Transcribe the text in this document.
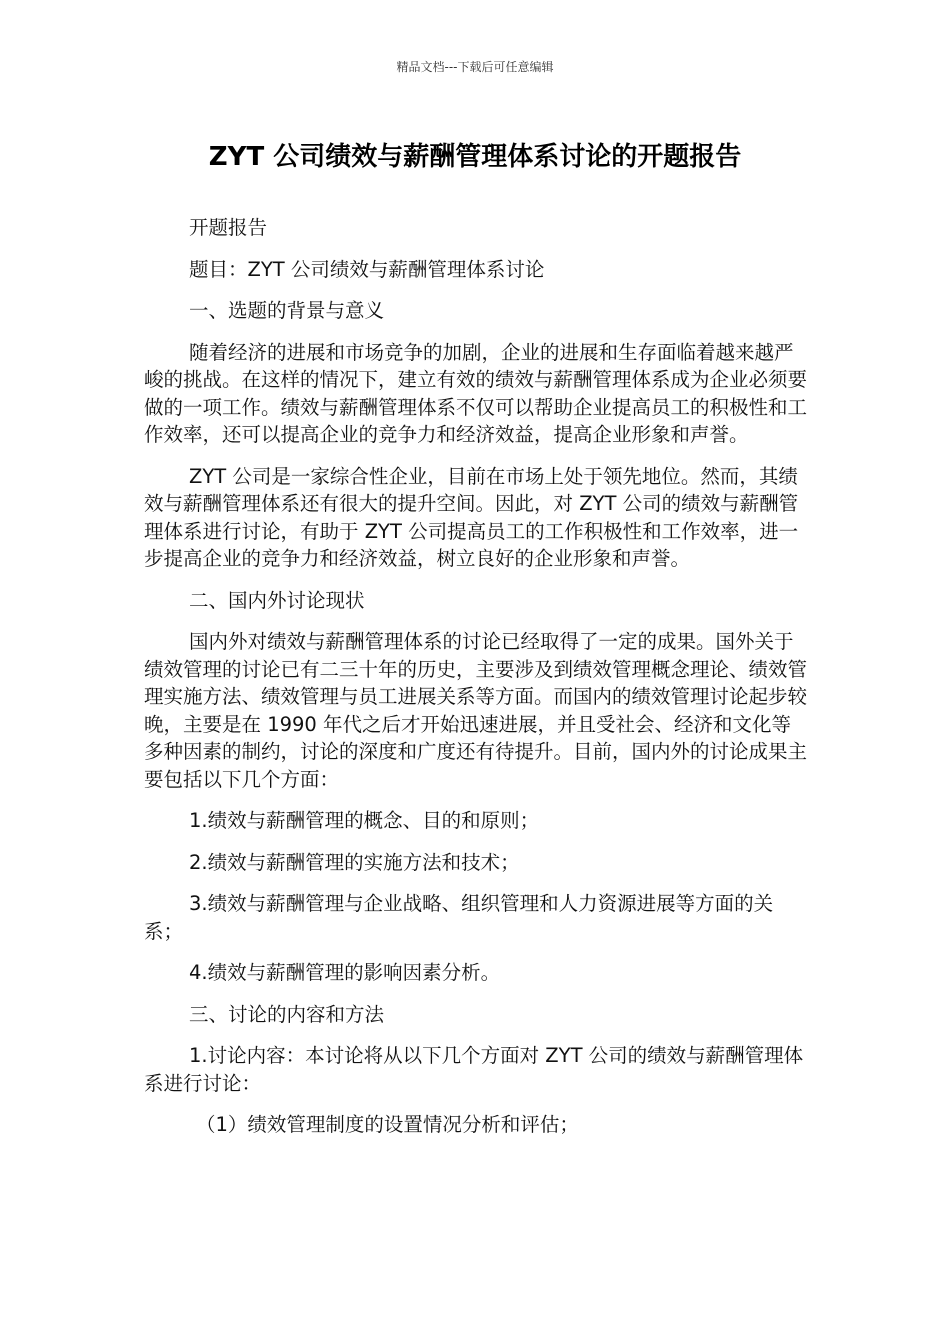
精品文档---下载后可任意编辑
ZYT 公司绩效与薪酬管理体系讨论的开题报告

开题报告

题目：ZYT 公司绩效与薪酬管理体系讨论

一、选题的背景与意义

随着经济的进展和市场竞争的加剧，企业的进展和生存面临着越来越严峻的挑战。在这样的情况下，建立有效的绩效与薪酬管理体系成为企业必须要做的一项工作。绩效与薪酬管理体系不仅可以帮助企业提高员工的积极性和工作效率，还可以提高企业的竞争力和经济效益，提高企业形象和声誉。

ZYT 公司是一家综合性企业，目前在市场上处于领先地位。然而，其绩效与薪酬管理体系还有很大的提升空间。因此，对 ZYT 公司的绩效与薪酬管理体系进行讨论，有助于 ZYT 公司提高员工的工作积极性和工作效率，进一步提高企业的竞争力和经济效益，树立良好的企业形象和声誉。

二、国内外讨论现状

国内外对绩效与薪酬管理体系的讨论已经取得了一定的成果。国外关于绩效管理的讨论已有二三十年的历史，主要涉及到绩效管理概念理论、绩效管理实施方法、绩效管理与员工进展关系等方面。而国内的绩效管理讨论起步较晚，主要是在 1990 年代之后才开始迅速进展，并且受社会、经济和文化等多种因素的制约，讨论的深度和广度还有待提升。目前，国内外的讨论成果主要包括以下几个方面：

1.绩效与薪酬管理的概念、目的和原则；

2.绩效与薪酬管理的实施方法和技术；

3.绩效与薪酬管理与企业战略、组织管理和人力资源进展等方面的关系；

4.绩效与薪酬管理的影响因素分析。

三、讨论的内容和方法

1.讨论内容：本讨论将从以下几个方面对 ZYT 公司的绩效与薪酬管理体系进行讨论：

（1）绩效管理制度的设置情况分析和评估；
